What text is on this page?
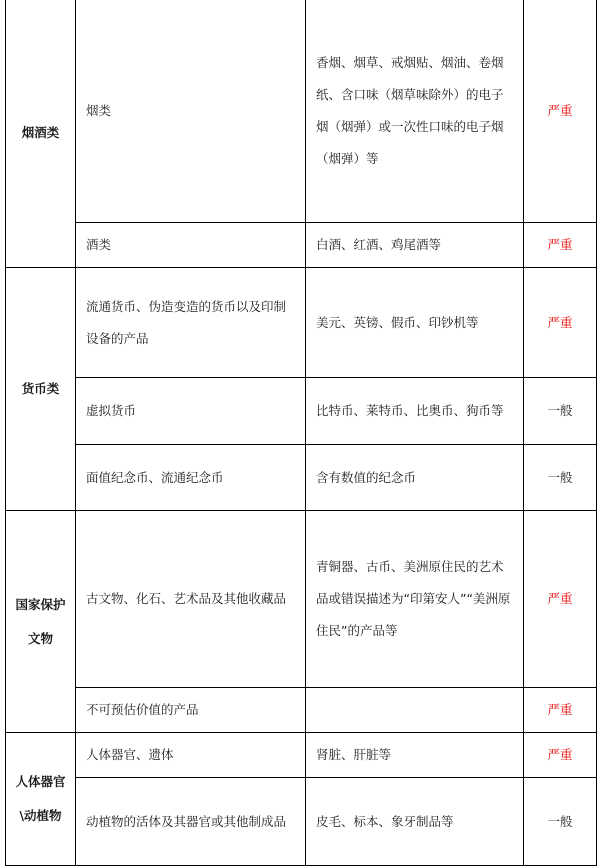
烟酒类	烟类	香烟、烟草、戒烟贴、烟油、卷烟纸、含口味（烟草味除外）的电子烟（烟弹）或一次性口味的电子烟（烟弹）等	严重
	酒类	白酒、红酒、鸡尾酒等	严重
货币类	流通货币、伪造变造的货币以及印制设备的产品	美元、英镑、假币、印钞机等	严重
	虚拟货币	比特币、莱特币、比奥币、狗币等	一般
	面值纪念币、流通纪念币	含有数值的纪念币	一般
国家保护文物	古文物、化石、艺术品及其他收藏品	青铜器、古币、美洲原住民的艺术品或错误描述为“印第安人”“美洲原住民”的产品等	严重
	不可预估价值的产品		严重
人体器官\动植物	人体器官、遗体	肾脏、肝脏等	严重
	动植物的活体及其器官或其他制成品	皮毛、标本、象牙制品等	一般
